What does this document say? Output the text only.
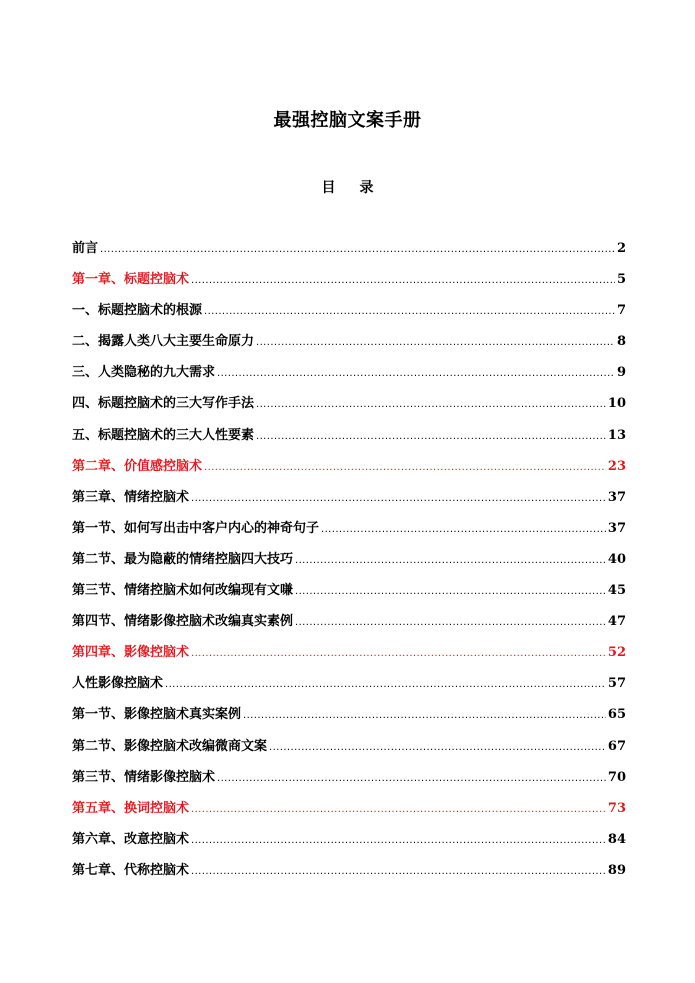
最强控脑文案手册
目 录
前言 .....	2
第一章、标题控脑术 .....	5
一、标题控脑术的根源 .....	7
二、揭露人类八大主要生命原力 .....	8
三、人类隐秘的九大需求 .....	9
四、标题控脑术的三大写作手法 .....	10
五、标题控脑术的三大人性要素 .....	13
第二章、价值感控脑术 .....	23
第三章、情绪控脑术 .....	37
第一节、如何写出击中客户内心的神奇句子 .....	37
第二节、最为隐蔽的情绪控脑四大技巧 .....	40
第三节、情绪控脑术如何改编现有文嗛 .....	45
第四节、情绪影像控脑术改编真实素例 .....	47
第四章、影像控脑术 .....	52
人性影像控脑术 .....	57
第一节、影像控脑术真实案例 .....	65
第二节、影像控脑术改编微商文案 .....	67
第三节、情绪影像控脑术 .....	70
第五章、换词控脑术 .....	73
第六章、改意控脑术 .....	84
第七章、代称控脑术 .....	89
